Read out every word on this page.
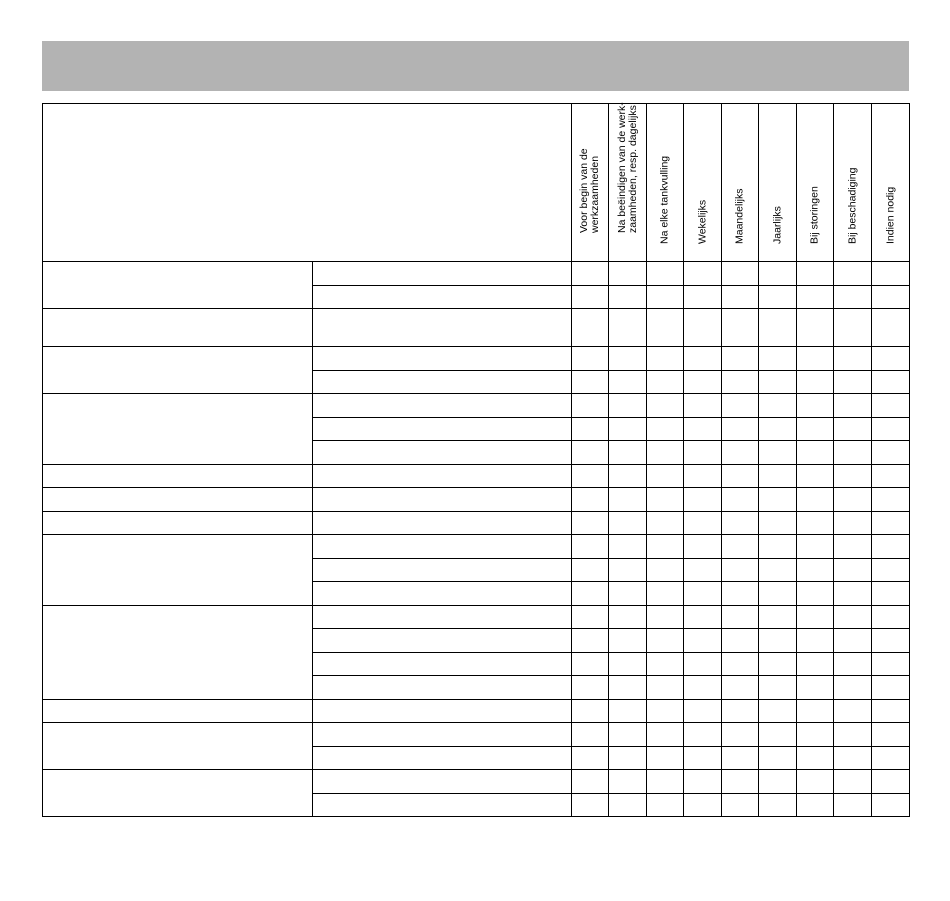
		Voor begin van de werkzaamheden	Na beëindigen van de werk- zaamheden, resp. dagelijks	Na elke tankvulling	Wekelijks	Maandelijks	Jaarlijks	Bij storingen	Bij beschadiging	Indien nodig
